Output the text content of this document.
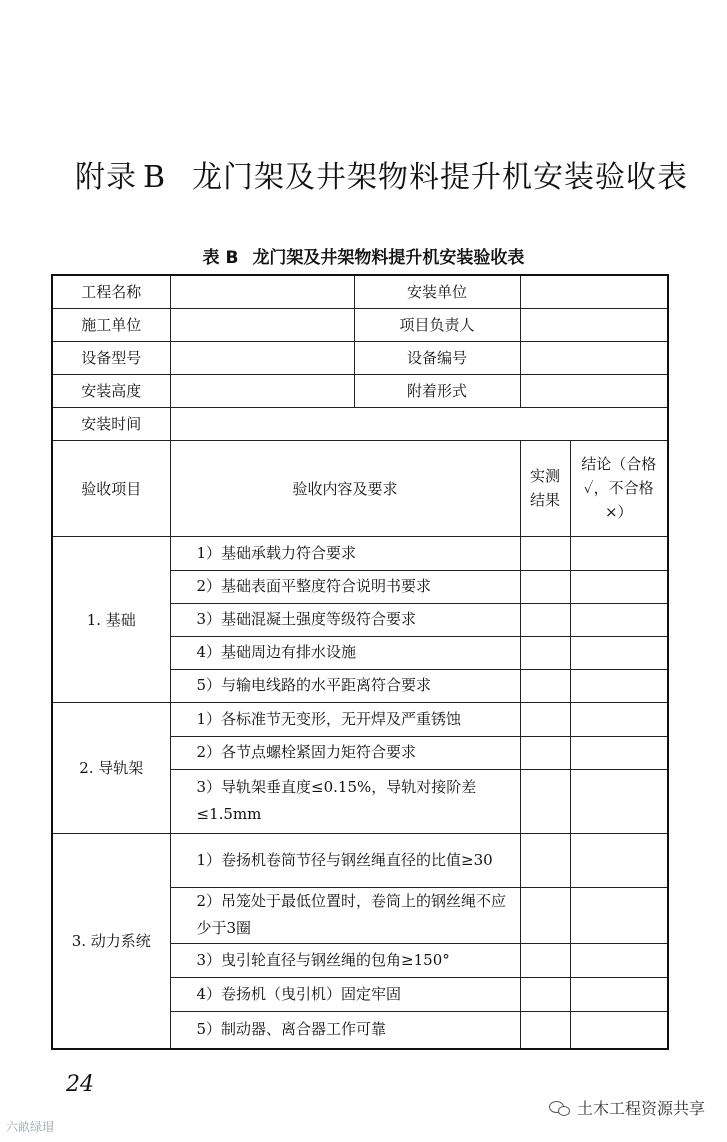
附录 B 龙门架及井架物料提升机安装验收表
表 B 龙门架及井架物料提升机安装验收表
工程名称		安装单位		
施工单位		项目负责人		
设备型号		设备编号		
安装高度		附着形式		
安装时间				
验收项目	验收内容及要求		实测结果	结论（合格✓，不合格×）
1. 基础	1）基础承载力符合要求			
	2）基础表面平整度符合说明书要求			
	3）基础混凝土强度等级符合要求			
	4）基础周边有排水设施			
	5）与输电线路的水平距离符合要求			
2. 导轨架	1）各标准节无变形，无开焊及严重锈蚀			
	2）各节点螺栓紧固力矩符合要求			
	3）导轨架垂直度≤0.15%，导轨对接阶差≤1.5mm			
3. 动力系统	1）卷扬机卷筒节径与钢丝绳直径的比值≥30			
	2）吊笼处于最低位置时，卷筒上的钢丝绳不应少于3圈			
	3）曳引轮直径与钢丝绳的包角≥150°			
	4）卷扬机（曳引机）固定牢固			
	5）制动器、离合器工作可靠			
24
六畝绿瑁
土木工程资源共享
